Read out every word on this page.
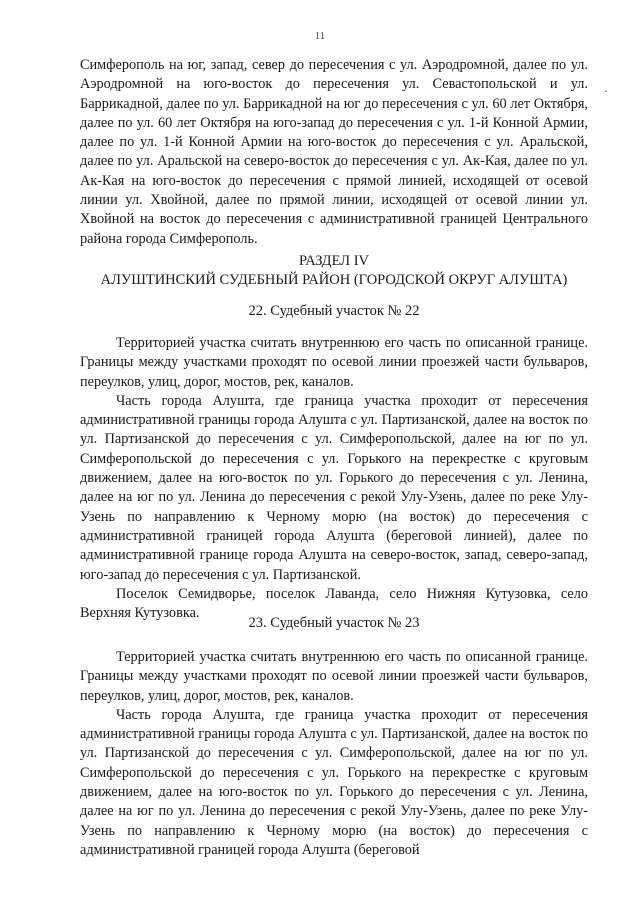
11
·

Симферополь на юг, запад, север до пересечения с ул. Аэродромной, далее по ул. Аэродромной на юго-восток до пересечения ул. Севастопольской и ул. Баррикадной, далее по ул. Баррикадной на юг до пересечения с ул. 60 лет Октября, далее по ул. 60 лет Октября на юго-запад до пересечения с ул. 1-й Конной Армии, далее по ул. 1-й Конной Армии на юго-восток до пересечения с ул. Аральской, далее по ул. Аральской на северо-восток до пересечения с ул. Ак-Кая, далее по ул. Ак-Кая на юго-восток до пересечения с прямой линией, исходящей от осевой линии ул. Хвойной, далее по прямой линии, исходящей от осевой линии ул. Хвойной на восток до пересечения с административной границей Центрального района города Симферополь.

РАЗДЕЛ IV
АЛУШТИНСКИЙ СУДЕБНЫЙ РАЙОН (ГОРОДСКОЙ ОКРУГ АЛУШТА)
22. Судебный участок № 22

Территорией участка считать внутреннюю его часть по описанной границе. Границы между участками проходят по осевой линии проезжей части бульваров, переулков, улиц, дорог, мостов, рек, каналов.

Часть города Алушта, где граница участка проходит от пересечения административной границы города Алушта с ул. Партизанской, далее на восток по ул. Партизанской до пересечения с ул. Симферопольской, далее на юг по ул. Симферопольской до пересечения с ул. Горького на перекрестке с круговым движением, далее на юго-восток по ул. Горького до пересечения с ул. Ленина, далее на юг по ул. Ленина до пересечения с рекой Улу-Узень, далее по реке Улу-Узень по направлению к Черному морю (на восток) до пересечения с административной границей города Алушта (береговой линией), далее по административной границе города Алушта на северо-восток, запад, северо-запад, юго-запад до пересечения с ул. Партизанской.

Поселок Семидворье, поселок Лаванда, село Нижняя Кутузовка, село Верхняя Кутузовка.

23. Судебный участок № 23

Территорией участка считать внутреннюю его часть по описанной границе. Границы между участками проходят по осевой линии проезжей части бульваров, переулков, улиц, дорог, мостов, рек, каналов.

Часть города Алушта, где граница участка проходит от пересечения административной границы города Алушта с ул. Партизанской, далее на восток по ул. Партизанской до пересечения с ул. Симферопольской, далее на юг по ул. Симферопольской до пересечения с ул. Горького на перекрестке с круговым движением, далее на юго-восток по ул. Горького до пересечения с ул. Ленина, далее на юг по ул. Ленина до пересечения с рекой Улу-Узень, далее по реке Улу-Узень по направлению к Черному морю (на восток) до пересечения с административной границей города Алушта (береговой
